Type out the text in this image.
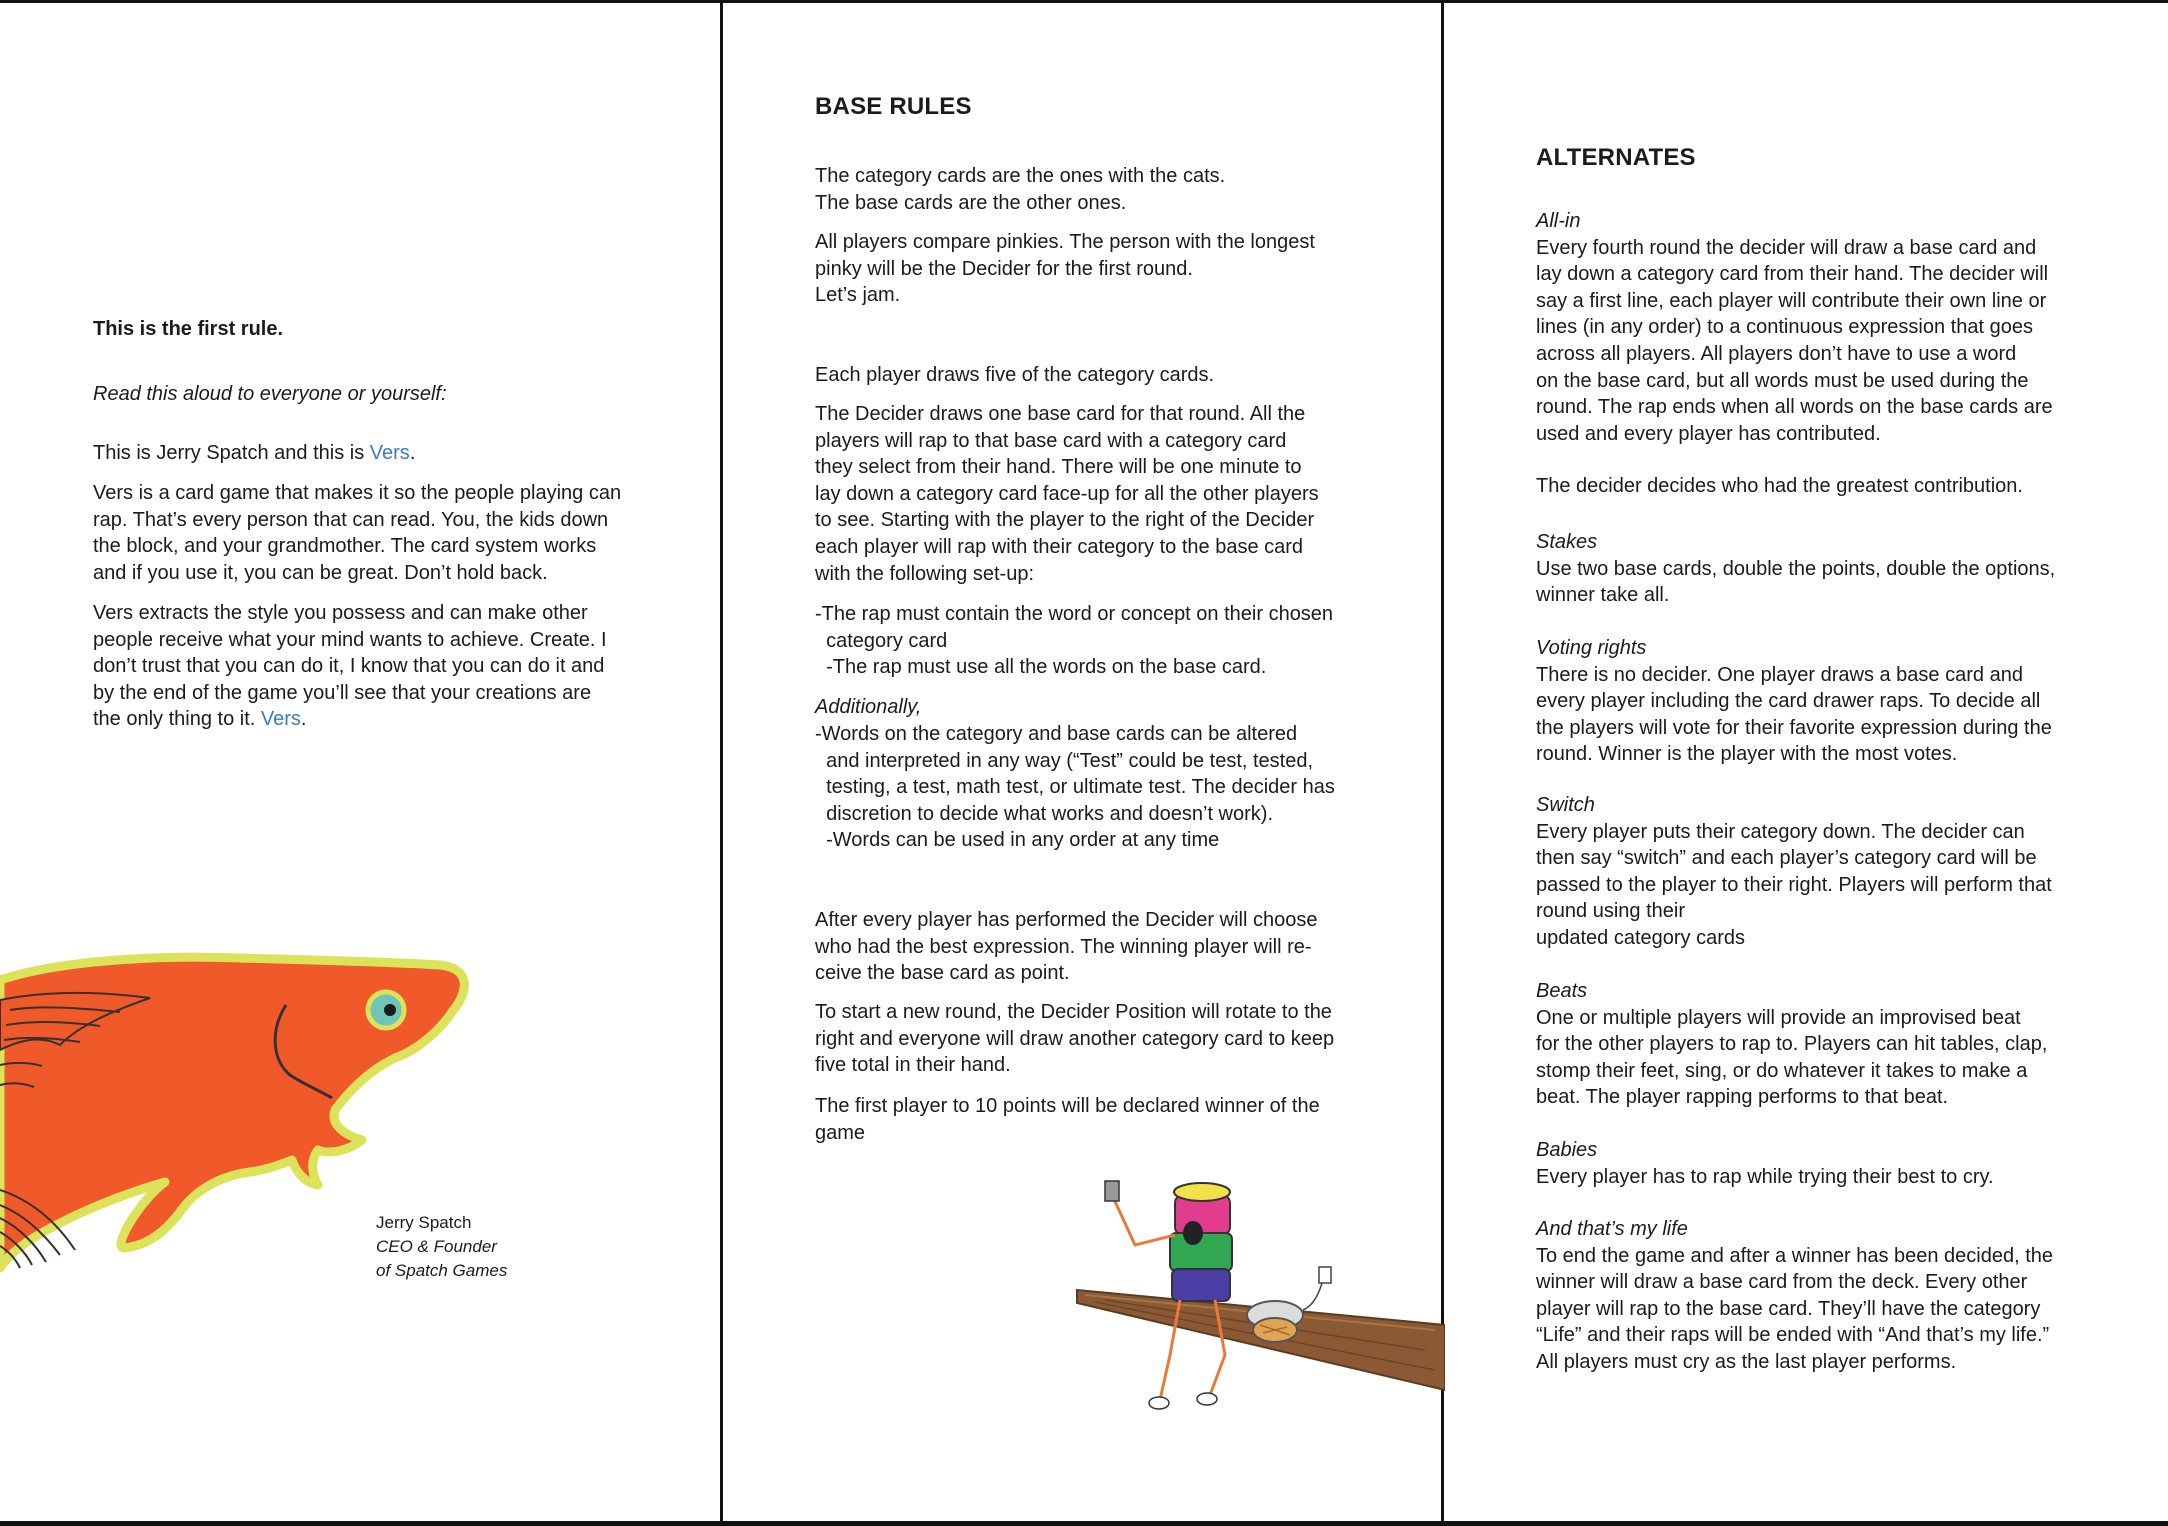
This is the first rule.

Read this aloud to everyone or yourself:

This is Jerry Spatch and this is Vers.

Vers is a card game that makes it so the people playing can
rap. That’s every person that can read. You, the kids down
the block, and your grandmother. The card system works
and if you use it, you can be great. Don’t hold back.
Vers extracts the style you possess and can make other
people receive what your mind wants to achieve. Create. I
don’t trust that you can do it, I know that you can do it and
by the end of the game you’ll see that your creations are
the only thing to it. Vers.
Jerry Spatch
CEO & Founder
of Spatch Games

BASE RULES

The category cards are the ones with the cats.
The base cards are the other ones.
All players compare pinkies. The person with the longest
pinky will be the Decider for the first round.
Let’s jam.
Each player draws five of the category cards.
The Decider draws one base card for that round. All the
players will rap to that base card with a category card
they select from their hand. There will be one minute to
lay down a category card face-up for all the other players
to see. Starting with the player to the right of the Decider
each player will rap with their category to the base card
with the following set-up:
-The rap must contain the word or concept on their chosen
category card
-The rap must use all the words on the base card.

Additionally,

-Words on the category and base cards can be altered
and interpreted in any way (“Test” could be test, tested,
testing, a test, math test, or ultimate test. The decider has
discretion to decide what works and doesn’t work).
-Words can be used in any order at any time
After every player has performed the Decider will choose
who had the best expression. The winning player will re-
ceive the base card as point.
To start a new round, the Decider Position will rotate to the
right and everyone will draw another category card to keep
five total in their hand.
The first player to 10 points will be declared winner of the
game

ALTERNATES

All-in
Every fourth round the decider will draw a base card and
lay down a category card from their hand. The decider will
say a first line, each player will contribute their own line or
lines (in any order) to a continuous expression that goes
across all players. All players don’t have to use a word
on the base card, but all words must be used during the
round. The rap ends when all words on the base cards are
used and every player has contributed.
The decider decides who had the greatest contribution.
Stakes
Use two base cards, double the points, double the options,
winner take all.
Voting rights
There is no decider. One player draws a base card and
every player including the card drawer raps. To decide all
the players will vote for their favorite expression during the
round. Winner is the player with the most votes.
Switch
Every player puts their category down. The decider can
then say “switch” and each player’s category card will be
passed to the player to their right. Players will perform that
round using their
updated category cards
Beats
One or multiple players will provide an improvised beat
for the other players to rap to. Players can hit tables, clap,
stomp their feet, sing, or do whatever it takes to make a
beat. The player rapping performs to that beat.
Babies
Every player has to rap while trying their best to cry.
And that’s my life
To end the game and after a winner has been decided, the
winner will draw a base card from the deck. Every other
player will rap to the base card. They’ll have the category
“Life” and their raps will be ended with “And that’s my life.”
All players must cry as the last player performs.
